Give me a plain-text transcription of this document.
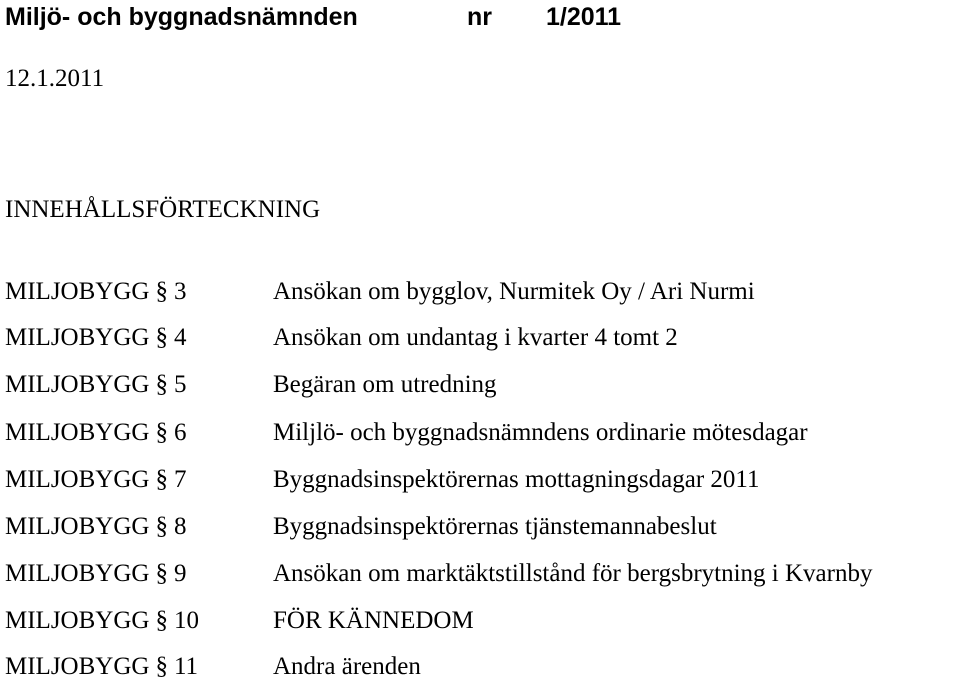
Miljö- och byggnadsnämnden	nr 1/2011
12.1.2011
INNEHÅLLSFÖRTECKNING
MILJOBYGG § 3	Ansökan om bygglov, Nurmitek Oy / Ari Nurmi
MILJOBYGG § 4	Ansökan om undantag i kvarter 4 tomt 2
MILJOBYGG § 5	Begäran om utredning
MILJOBYGG § 6	Miljlö- och byggnadsnämndens ordinarie mötesdagar
MILJOBYGG § 7	Byggnadsinspektörernas mottagningsdagar 2011
MILJOBYGG § 8	Byggnadsinspektörernas tjänstemannabeslut
MILJOBYGG § 9	Ansökan om marktäktstillstånd för bergsbrytning i Kvarnby
MILJOBYGG § 10	FÖR KÄNNEDOM
MILJOBYGG § 11	Andra ärenden
